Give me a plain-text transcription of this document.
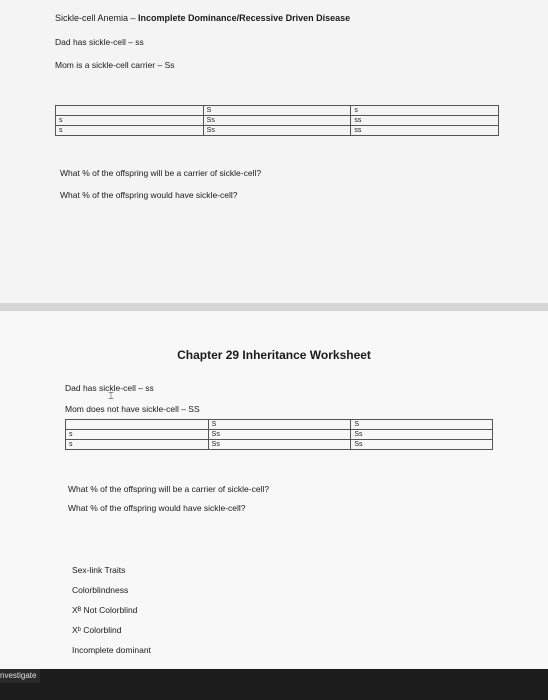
Sickle-cell Anemia – Incomplete Dominance/Recessive Driven Disease
Dad has sickle-cell – ss
Mom is a sickle-cell carrier – Ss
	S	s
s	Ss	ss
s	Ss	ss
What % of the offspring will be a carrier of sickle-cell?
What % of the offspring would have sickle-cell?
Chapter 29 Inheritance Worksheet
Dad has sickle-cell – ss
⌶
Mom does not have sickle-cell – SS
	S	S
s	Ss	Ss
s	Ss	Ss
What % of the offspring will be a carrier of sickle-cell?
What % of the offspring would have sickle-cell?
Sex-link Traits
Colorblindness
Xᴮ Not Colorblind
Xᵇ Colorblind
Incomplete dominant
nvestigate
